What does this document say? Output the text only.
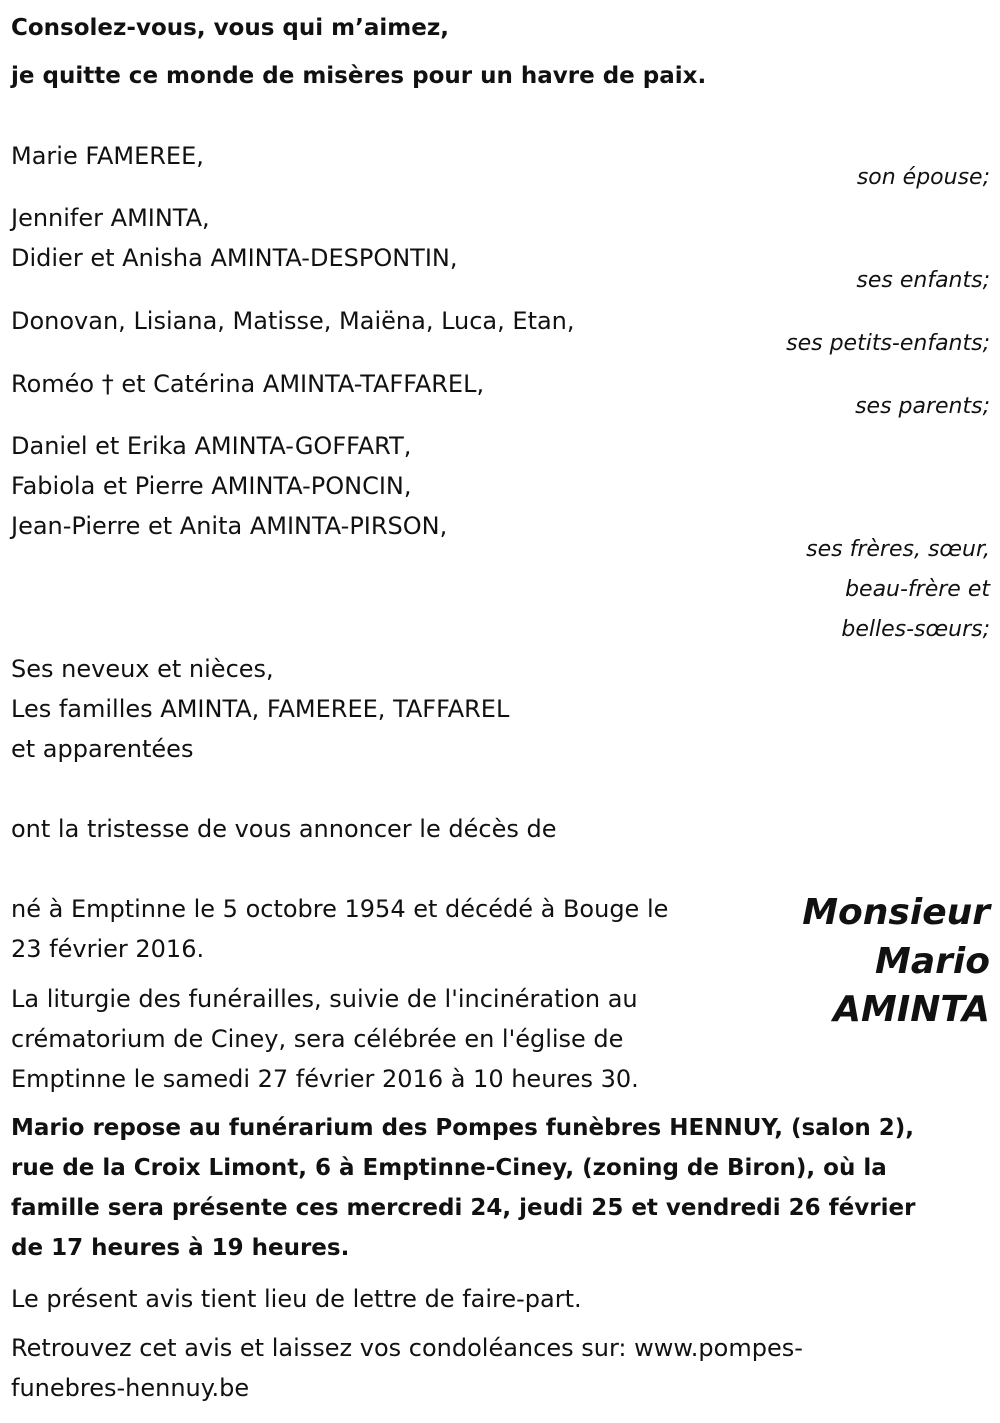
Consolez-vous, vous qui m’aimez,

je quitte ce monde de misères pour un havre de paix.

Marie FAMEREE,

son épouse;

Jennifer AMINTA,

Didier et Anisha AMINTA-DESPONTIN,

ses enfants;

Donovan, Lisiana, Matisse, Maiëna, Luca, Etan,

ses petits-enfants;

Roméo † et Catérina AMINTA-TAFFAREL,

ses parents;

Daniel et Erika AMINTA-GOFFART,

Fabiola et Pierre AMINTA-PONCIN,

Jean-Pierre et Anita AMINTA-PIRSON,

ses frères, sœur,

beau-frère et

belles-sœurs;

Ses neveux et nièces,

Les familles AMINTA, FAMEREE, TAFFAREL

et apparentées

ont la tristesse de vous annoncer le décès de

Monsieur

Mario

AMINTA

né à Emptinne le 5 octobre 1954 et décédé à Bouge le

23 février 2016.

La liturgie des funérailles, suivie de l'incinération au

crématorium de Ciney, sera célébrée en l'église de

Emptinne le samedi 27 février 2016 à 10 heures 30.

Mario repose au funérarium des Pompes funèbres HENNUY, (salon 2),

rue de la Croix Limont, 6 à Emptinne-Ciney, (zoning de Biron), où la

famille sera présente ces mercredi 24, jeudi 25 et vendredi 26 février

de 17 heures à 19 heures.

Le présent avis tient lieu de lettre de faire-part.

Retrouvez cet avis et laissez vos condoléances sur: www.pompes-

funebres-hennuy.be
